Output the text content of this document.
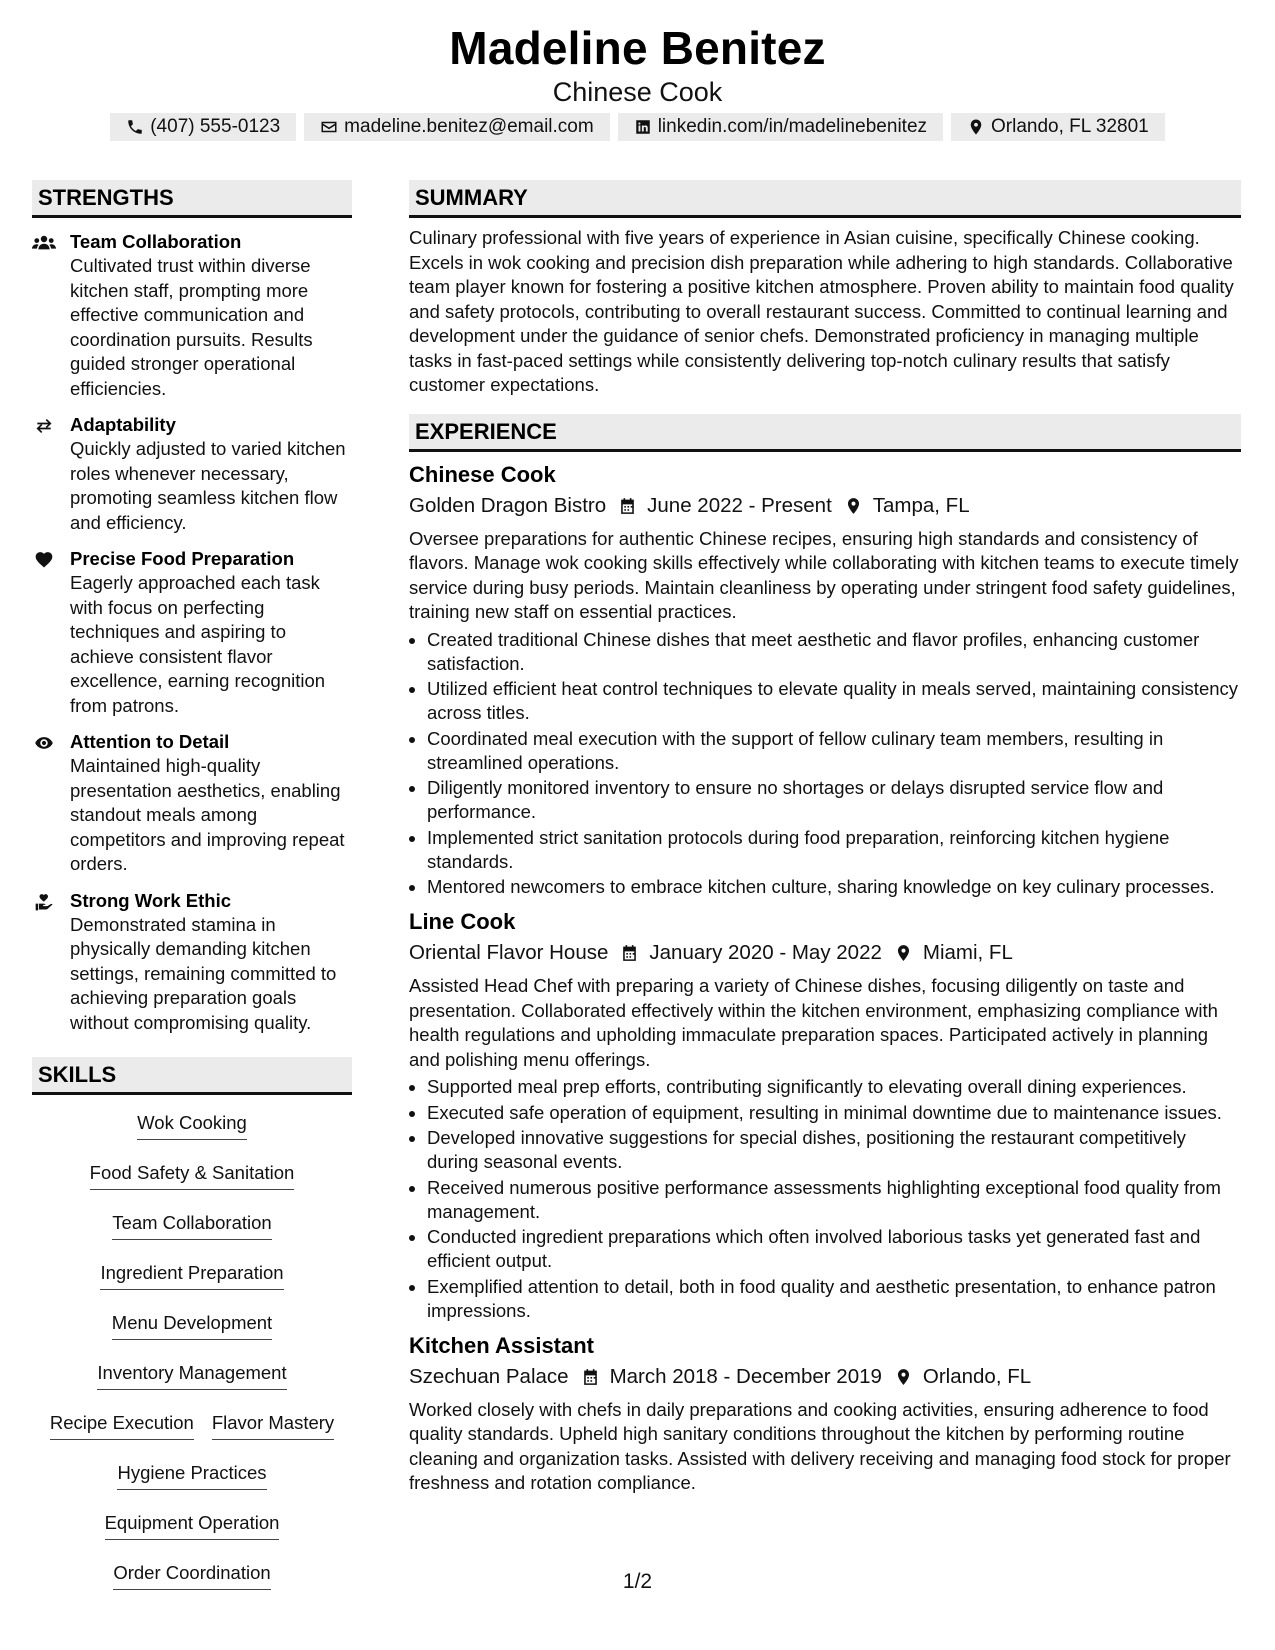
Madeline Benitez
Chinese Cook
(407) 555-0123	madeline.benitez@email.com	linkedin.com/in/madelinebenitez	Orlando, FL 32801
STRENGTHS
Team Collaboration
Cultivated trust within diverse kitchen staff, prompting more effective communication and coordination pursuits. Results guided stronger operational efficiencies.
Adaptability
Quickly adjusted to varied kitchen roles whenever necessary, promoting seamless kitchen flow and efficiency.
Precise Food Preparation
Eagerly approached each task with focus on perfecting techniques and aspiring to achieve consistent flavor excellence, earning recognition from patrons.
Attention to Detail
Maintained high-quality presentation aesthetics, enabling standout meals among competitors and improving repeat orders.
Strong Work Ethic
Demonstrated stamina in physically demanding kitchen settings, remaining committed to achieving preparation goals without compromising quality.
SKILLS
Wok Cooking
Food Safety & Sanitation
Team Collaboration
Ingredient Preparation
Menu Development
Inventory Management
Recipe Execution Flavor Mastery
Hygiene Practices
Equipment Operation
Order Coordination
SUMMARY
Culinary professional with five years of experience in Asian cuisine, specifically Chinese cooking. Excels in wok cooking and precision dish preparation while adhering to high standards. Collaborative team player known for fostering a positive kitchen atmosphere. Proven ability to maintain food quality and safety protocols, contributing to overall restaurant success. Committed to continual learning and development under the guidance of senior chefs. Demonstrated proficiency in managing multiple tasks in fast-paced settings while consistently delivering top-notch culinary results that satisfy customer expectations.
EXPERIENCE
Chinese Cook
Golden Dragon Bistro June 2022 - Present Tampa, FL
Oversee preparations for authentic Chinese recipes, ensuring high standards and consistency of flavors. Manage wok cooking skills effectively while collaborating with kitchen teams to execute timely service during busy periods. Maintain cleanliness by operating under stringent food safety guidelines, training new staff on essential practices.
• Created traditional Chinese dishes that meet aesthetic and flavor profiles, enhancing customer satisfaction.
• Utilized efficient heat control techniques to elevate quality in meals served, maintaining consistency across titles.
• Coordinated meal execution with the support of fellow culinary team members, resulting in streamlined operations.
• Diligently monitored inventory to ensure no shortages or delays disrupted service flow and performance.
• Implemented strict sanitation protocols during food preparation, reinforcing kitchen hygiene standards.
• Mentored newcomers to embrace kitchen culture, sharing knowledge on key culinary processes.
Line Cook
Oriental Flavor House January 2020 - May 2022 Miami, FL
Assisted Head Chef with preparing a variety of Chinese dishes, focusing diligently on taste and presentation. Collaborated effectively within the kitchen environment, emphasizing compliance with health regulations and upholding immaculate preparation spaces. Participated actively in planning and polishing menu offerings.
• Supported meal prep efforts, contributing significantly to elevating overall dining experiences.
• Executed safe operation of equipment, resulting in minimal downtime due to maintenance issues.
• Developed innovative suggestions for special dishes, positioning the restaurant competitively during seasonal events.
• Received numerous positive performance assessments highlighting exceptional food quality from management.
• Conducted ingredient preparations which often involved laborious tasks yet generated fast and efficient output.
• Exemplified attention to detail, both in food quality and aesthetic presentation, to enhance patron impressions.
Kitchen Assistant
Szechuan Palace March 2018 - December 2019 Orlando, FL
Worked closely with chefs in daily preparations and cooking activities, ensuring adherence to food quality standards. Upheld high sanitary conditions throughout the kitchen by performing routine cleaning and organization tasks. Assisted with delivery receiving and managing food stock for proper freshness and rotation compliance.
1/2
